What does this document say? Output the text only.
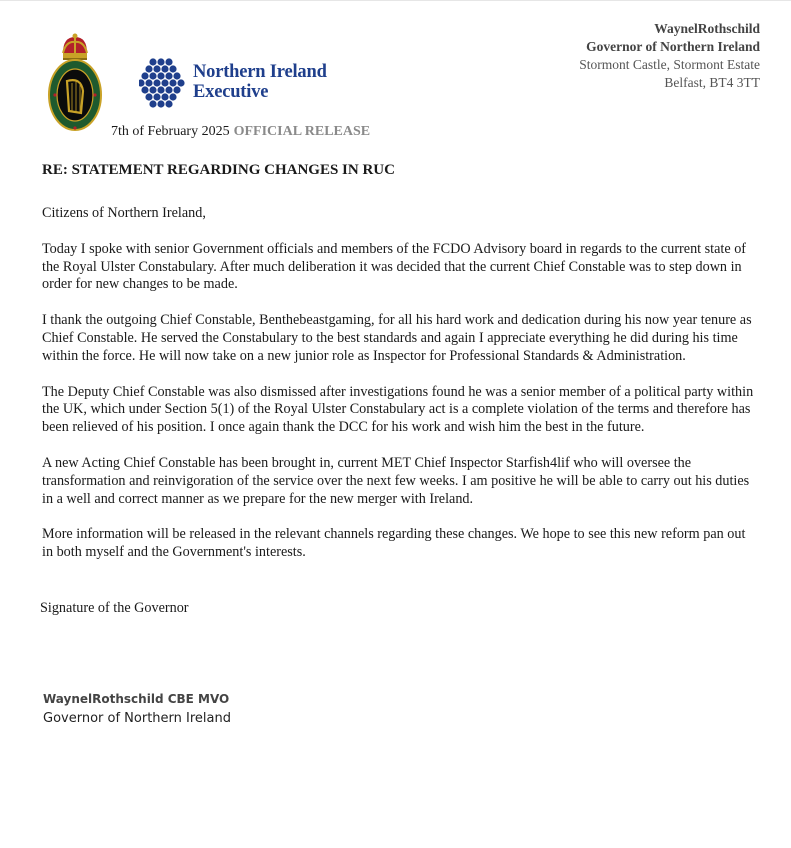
Northern Ireland
Executive
7th of February 2025 OFFICIAL RELEASE
WaynelRothschild
Governor of Northern Ireland
Stormont Castle, Stormont Estate
Belfast, BT4 3TT
RE: STATEMENT REGARDING CHANGES IN RUC

Citizens of Northern Ireland,

Today I spoke with senior Government officials and members of the FCDO Advisory board in regards to the current state of the Royal Ulster Constabulary. After much deliberation it was decided that the current Chief Constable was to step down in order for new changes to be made.

I thank the outgoing Chief Constable, Benthebeastgaming, for all his hard work and dedication during his now year tenure as Chief Constable. He served the Constabulary to the best standards and again I appreciate everything he did during his time within the force. He will now take on a new junior role as Inspector for Professional Standards & Administration.

The Deputy Chief Constable was also dismissed after investigations found he was a senior member of a political party within the UK, which under Section 5(1) of the Royal Ulster Constabulary act is a complete violation of the terms and therefore has been relieved of his position. I once again thank the DCC for his work and wish him the best in the future.

A new Acting Chief Constable has been brought in, current MET Chief Inspector Starfish4lif who will oversee the transformation and reinvigoration of the service over the next few weeks. I am positive he will be able to carry out his duties in a well and correct manner as we prepare for the new merger with Ireland.

More information will be released in the relevant channels regarding these changes. We hope to see this new reform pan out in both myself and the Government's interests.

Signature of the Governor
WaynelRothschild CBE MVO
Governor of Northern Ireland
